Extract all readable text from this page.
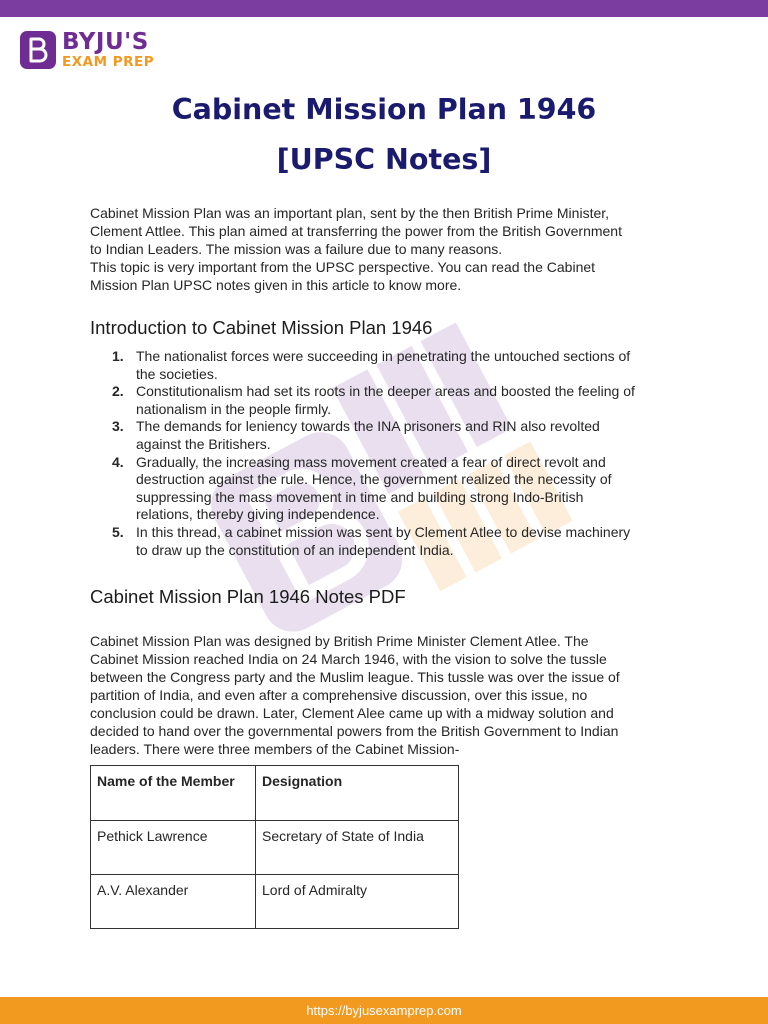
BYJU'S
EXAM PREP
Cabinet Mission Plan 1946
[UPSC Notes]

Cabinet Mission Plan was an important plan, sent by the then British Prime Minister,
Clement Attlee. This plan aimed at transferring the power from the British Government
to Indian Leaders. The mission was a failure due to many reasons.
This topic is very important from the UPSC perspective. You can read the Cabinet
Mission Plan UPSC notes given in this article to know more.

Introduction to Cabinet Mission Plan 1946
1. The nationalist forces were succeeding in penetrating the untouched sections of
the societies.
2. Constitutionalism had set its roots in the deeper areas and boosted the feeling of
nationalism in the people firmly.
3. The demands for leniency towards the INA prisoners and RIN also revolted
against the Britishers.
4. Gradually, the increasing mass movement created a fear of direct revolt and
destruction against the rule. Hence, the government realized the necessity of
suppressing the mass movement in time and building strong Indo-British
relations, thereby giving independence.
5. In this thread, a cabinet mission was sent by Clement Atlee to devise machinery
to draw up the constitution of an independent India.
Cabinet Mission Plan 1946 Notes PDF

Cabinet Mission Plan was designed by British Prime Minister Clement Atlee. The
Cabinet Mission reached India on 24 March 1946, with the vision to solve the tussle
between the Congress party and the Muslim league. This tussle was over the issue of
partition of India, and even after a comprehensive discussion, over this issue, no
conclusion could be drawn. Later, Clement Alee came up with a midway solution and
decided to hand over the governmental powers from the British Government to Indian
leaders. There were three members of the Cabinet Mission-

Name of the Member	Designation
Pethick Lawrence	Secretary of State of India
A.V. Alexander	Lord of Admiralty
https://byjusexamprep.com
